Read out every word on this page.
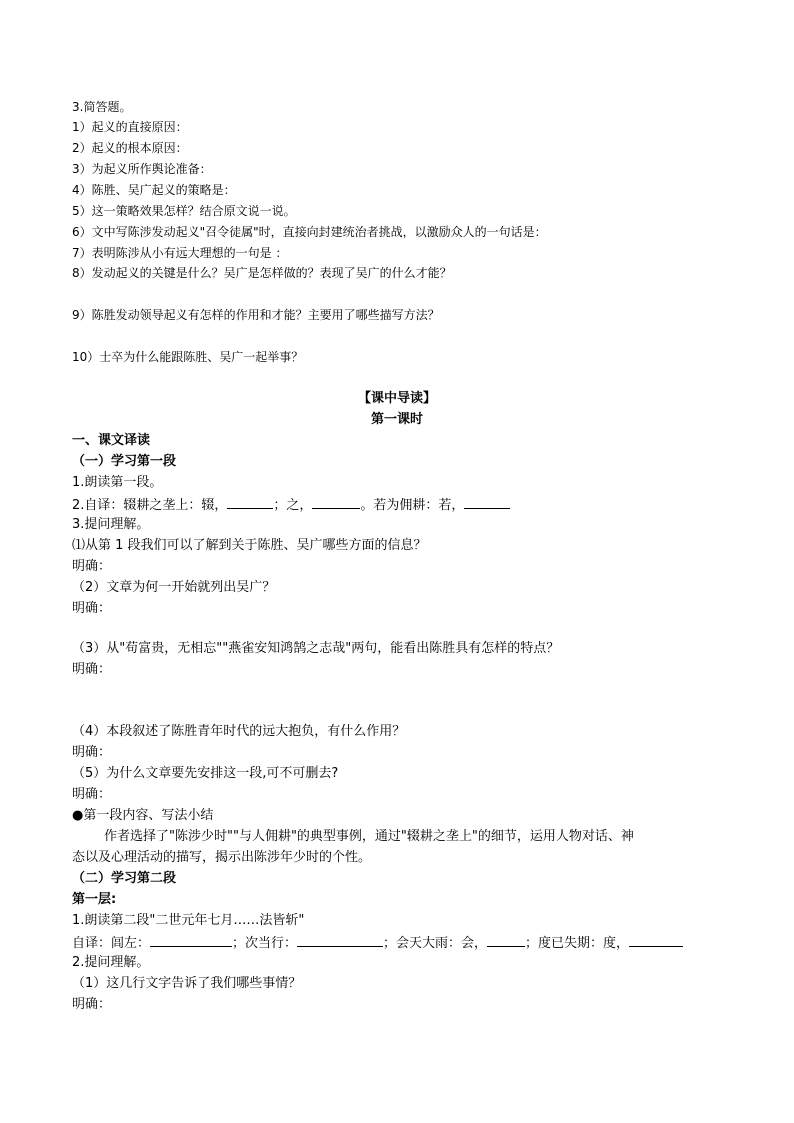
3.简答题。
1）起义的直接原因：
2）起义的根本原因：
3）为起义所作舆论准备：
4）陈胜、吴广起义的策略是：
5）这一策略效果怎样？结合原文说一说。
6）文中写陈涉发动起义"召令徒属"时，直接向封建统治者挑战，以激励众人的一句话是：
7）表明陈涉从小有远大理想的一句是 ：
8）发动起义的关键是什么？吴广是怎样做的？表现了吴广的什么才能？
9）陈胜发动领导起义有怎样的作用和才能？主要用了哪些描写方法？
10）士卒为什么能跟陈胜、吴广一起举事？
【课中导读】
第一课时
一、课文译读
（一）学习第一段
1.朗读第一段。
2.自译：辍耕之垄上：辍，	；之，	。若为佣耕：若，
3.提问理解。
⑴从第 1 段我们可以了解到关于陈胜、吴广哪些方面的信息？
明确：
（2）文章为何一开始就列出吴广？
明确：
（3）从"苟富贵，无相忘""燕雀安知鸿鹄之志哉"两句，能看出陈胜具有怎样的特点？
明确：
（4）本段叙述了陈胜青年时代的远大抱负，有什么作用？
明确：
（5）为什么文章要先安排这一段,可不可删去?
明确：
●第一段内容、写法小结
作者选择了"陈涉少时""与人佣耕"的典型事例，通过"辍耕之垄上"的细节，运用人物对话、神
态以及心理活动的描写，揭示出陈涉年少时的个性。
（二）学习第二段
第一层:
1.朗读第二段"二世元年七月……法皆斩"
自译：闾左：	；次当行：	；会天大雨：会，	；度已失期：度，
2.提问理解。
（1）这几行文字告诉了我们哪些事情？
明确：
